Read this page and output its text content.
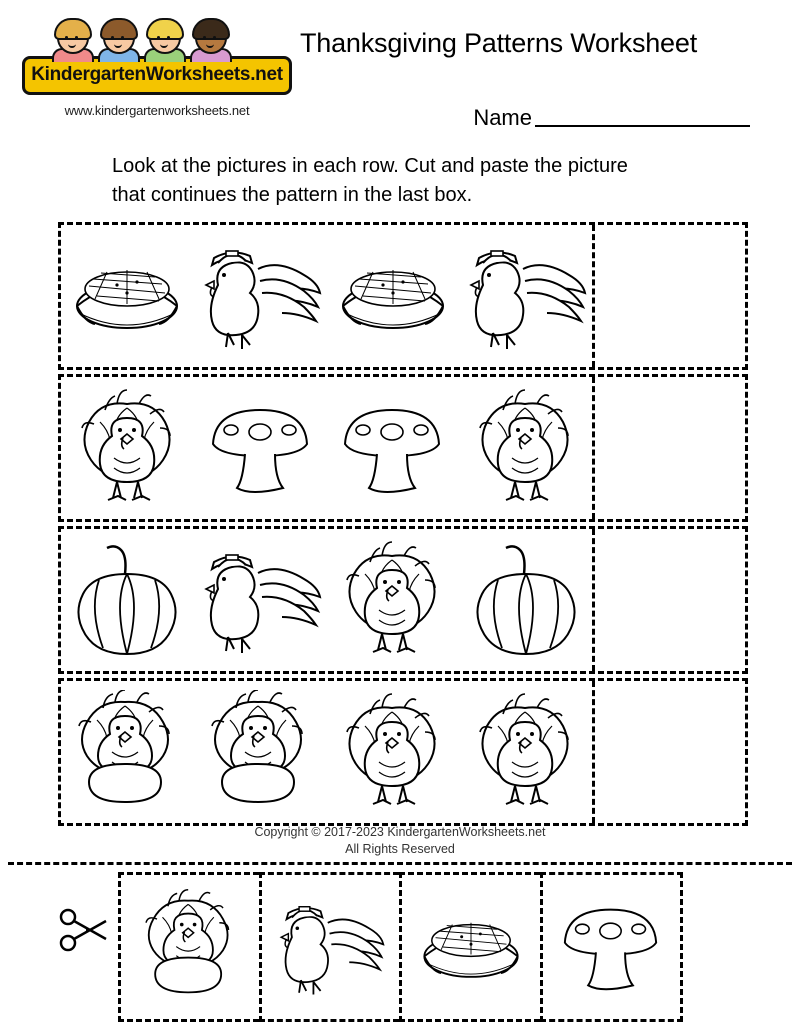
KindergartenWorksheets.net
www.kindergartenworksheets.net
Thanksgiving Patterns Worksheet
Name
Look at the pictures in each row. Cut and paste the picture
that continues the pattern in the last box.
Copyright © 2017-2023 KindergartenWorksheets.net
All Rights Reserved
